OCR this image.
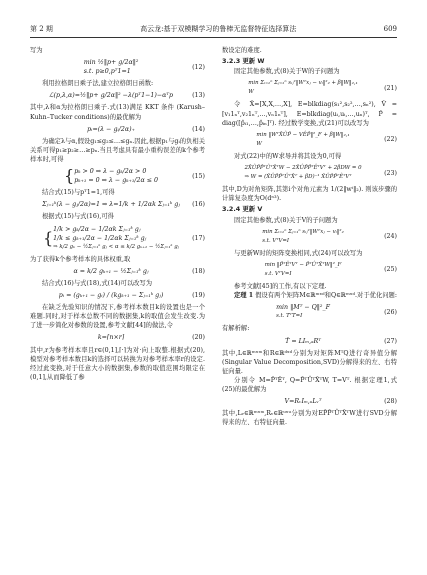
第 2 期	高云龙:基于双模糊学习的鲁棒无监督特征选择算法	609

写为

min ½‖p+ g/2α‖²
s.t. p≥0,pᵀ1=1
(12)

利用拉格朗日乘子法,建立拉格朗日函数:

ℒ(p,λ,α)=½‖p+ g/2α‖² −λ(pᵀ1−1)−αᵀp	(13)

其中,λ和α为拉格朗日乘子.式(13)满足 KKT 条件 (Karush–Kuhn–Tucker conditions)的最优解为

pᵢ=(λ − gᵢ/2α)₊	(14)

为确定λ与α,假设g₁≤g₂≤…≤gₙ.因此,根据p₁与gᵢ的负相关关系可得p₁≥p₂≥…≥pₙ.当且考虑具有最小重构误差的k个参考样本时,可得

{ pₖ > 0 ⇒ λ − gₖ/2α > 0
pₖ₊₁ = 0 ⇒ λ − gₖ₊₁/2α ≤ 0
(15)

结合式(15)与pᵀ1=1,可得

Σⱼ₌₁ᵏ(λ − gⱼ/2α)=1 ⇒ λ=1/k + 1/2αk Σⱼ₌₁ᵏ gⱼ	(16)

根据式(15)与式(16),可得

{ 1/k > gₖ/2α − 1/2αk Σⱼ₌₁ᵏ gⱼ
1/k ≤ gₖ₊₁/2α − 1/2αk Σⱼ₌₁ᵏ gⱼ
⇒ k/2 gₖ − ½Σⱼ₌₁ᵏ gⱼ < α ≤ k/2 gₖ₊₁ − ½Σⱼ₌₁ᵏ gⱼ
(17)

为了获得k个参考样本的具体权重,取

α = k/2 gₖ₊₁ − ½Σⱼ₌₁ᵏ gⱼ	(18)

结合式(16)与式(18),式(14)可以改写为

pᵢ = (gₖ₊₁ − gᵢ) / (kgₖ₊₁ − Σⱼ₌₁ᵏ gⱼ)	(19)

在缺乏先验知识的情况下,参考样本数目k的设置也是一个难题.同时,对于样本总数不同的数据集,k的取值会发生改变.为了进一步简化对参数的设置,参考文献[44]的做法,令

k=⌈n×r⌉	(20)

其中,r为参考样本率且r∈(0,1],⌈·⌉为对·向上取整.根据式(20),模型对参考样本数目k的选择可以转换为对参考样本率r的设定.经过此变换,对于任意大小的数据集,参数的取值范围均限定在(0,1],从而降低了参

数设定的难度.

3.2.3 更新 W

固定其他参数,式(8)关于W的子问题为

min Σᵢ₌₁ⁿ Σⱼ₌₁ⁿ sᵢⱼ²‖Wᵀxⱼ − vᵢ‖²₂ + β‖W‖₂,₁
W
(21)

令 X̂=[X,X,…,X], E=blkdiag(s₁²,s₂²,…,sₙ²), V̂ = [v₁1ₙᵀ,v₂1ₙᵀ,…,vₙ1ₙᵀ], E=blkdiag(uᵢ,uᵢ,…,uₙ)ᵀ, P̂ = diag([p̂ᵢ₁,…,p̂ᵢₙ]ᵀ). 经过数学变换,式(21)可以改写为

min ‖WᵀX̂ÛP̂ − VÊP̂‖²_F + β‖W‖₂,₁
W
(22)

对式(22)中的W求导并将其设为0,可得

2X̂ÛP̂P̂ᵀÛᵀX̂ᵀW − 2X̂ÛP̂P̂ᵀÊᵀVᵀ + 2βDW = 0
⇒ W = (X̂ÛP̂P̂ᵀÛᵀX̂ᵀ + βD)⁻¹ X̂ÛP̂P̂ᵀÊᵀVᵀ
(23)

其中,D为对角矩阵,其第i个对角元素为 1/(2‖wⁱ‖₂). 则该步骤的计算复杂度为O(dⁿ³).

3.2.4 更新 V

固定其他参数,式(8)关于V的子问题为

min Σᵢ₌₁ⁿ Σⱼ₌₁ⁿ sᵢⱼ²‖Wᵀxⱼ − vᵢ‖²₂
s.t. VᵀV=I
(24)

与更新W时的矩阵变换相同,式(24)可以改写为

min ‖P̂ᵀÊᵀVᵀ − P̂ᵀÛᵀX̂ᵀW‖²_F
s.t. VᵀV=I
(25)

参考文献[45]的工作,有以下定理.

定理 1 假设有两个矩阵M∈ℝᵐˣᵈ和Q∈ℝᵐˣᵈ.对于优化问题:

min ‖Mᵀ − Q‖²_F
s.t. TᵀT=I
(26)

有解析解:

T̂ = LIₘ,ₐRᵀ	(27)

其中,L∈ℝᵐˣᵐ和R∈ℝᵈˣᵈ分别为对矩阵MᵀQ进行奇异值分解(Singular Value Decomposition,SVD)分解得来的左、右特征向量.

分别令 M=P̂ᵀÊᵀ, Q=P̂ᵀÛᵀX̂ᵀW, T=Vᵀ. 根据定理1,式(25)的最优解为

V=RᵥIₘ,ᵤLᵥᵀ	(28)

其中,Lᵥ∈ℝᵐˣᵐ,Rᵥ∈ℝᵘˣᵘ分别为对EP̂P̂ᵀÛᵀX̂ᵀW进行SVD分解得来的左、右特征向量.
